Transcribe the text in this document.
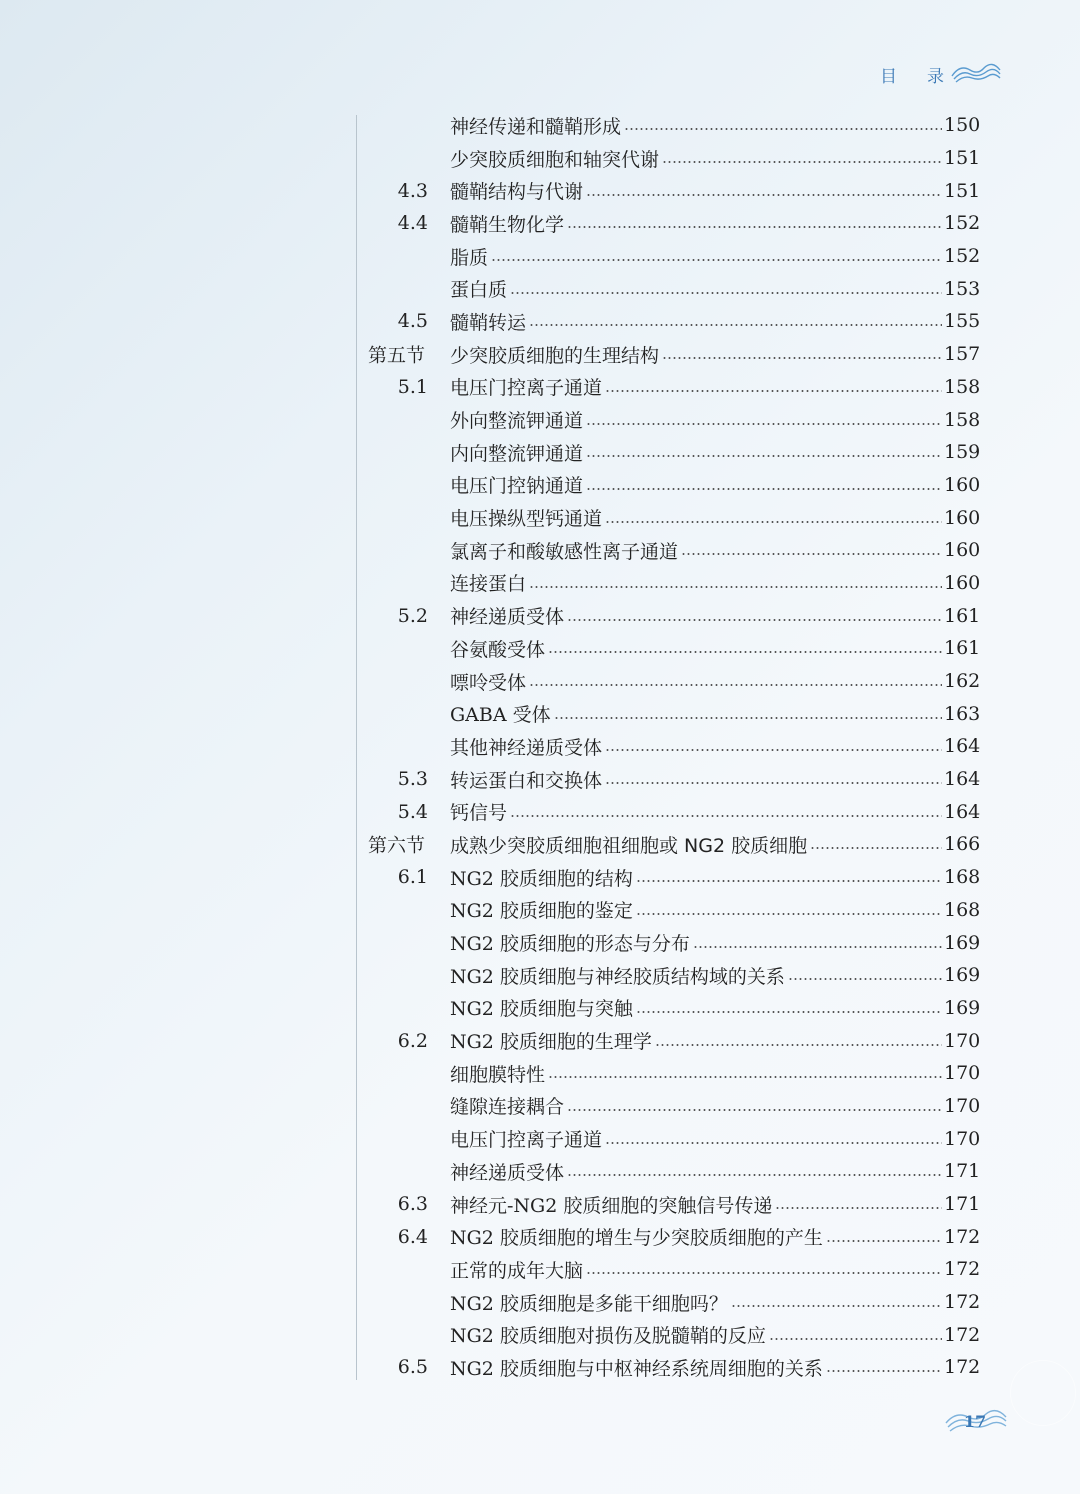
目录
神经传递和髓鞘形成	150
少突胶质细胞和轴突代谢	151
4.3 髓鞘结构与代谢	151
4.4 髓鞘生物化学	152
脂质	152
蛋白质	153
4.5 髓鞘转运	155
第五节 少突胶质细胞的生理结构	157
5.1 电压门控离子通道	158
外向整流钾通道	158
内向整流钾通道	159
电压门控钠通道	160
电压操纵型钙通道	160
氯离子和酸敏感性离子通道	160
连接蛋白	160
5.2 神经递质受体	161
谷氨酸受体	161
嘌呤受体	162
GABA 受体	163
其他神经递质受体	164
5.3 转运蛋白和交换体	164
5.4 钙信号	164
第六节 成熟少突胶质细胞祖细胞或 NG2 胶质细胞	166
6.1 NG2 胶质细胞的结构	168
NG2 胶质细胞的鉴定	168
NG2 胶质细胞的形态与分布	169
NG2 胶质细胞与神经胶质结构域的关系	169
NG2 胶质细胞与突触	169
6.2 NG2 胶质细胞的生理学	170
细胞膜特性	170
缝隙连接耦合	170
电压门控离子通道	170
神经递质受体	171
6.3 神经元-NG2 胶质细胞的突触信号传递	171
6.4 NG2 胶质细胞的增生与少突胶质细胞的产生	172
正常的成年大脑	172
NG2 胶质细胞是多能干细胞吗？	172
NG2 胶质细胞对损伤及脱髓鞘的反应	172
6.5 NG2 胶质细胞与中枢神经系统周细胞的关系	172
17
